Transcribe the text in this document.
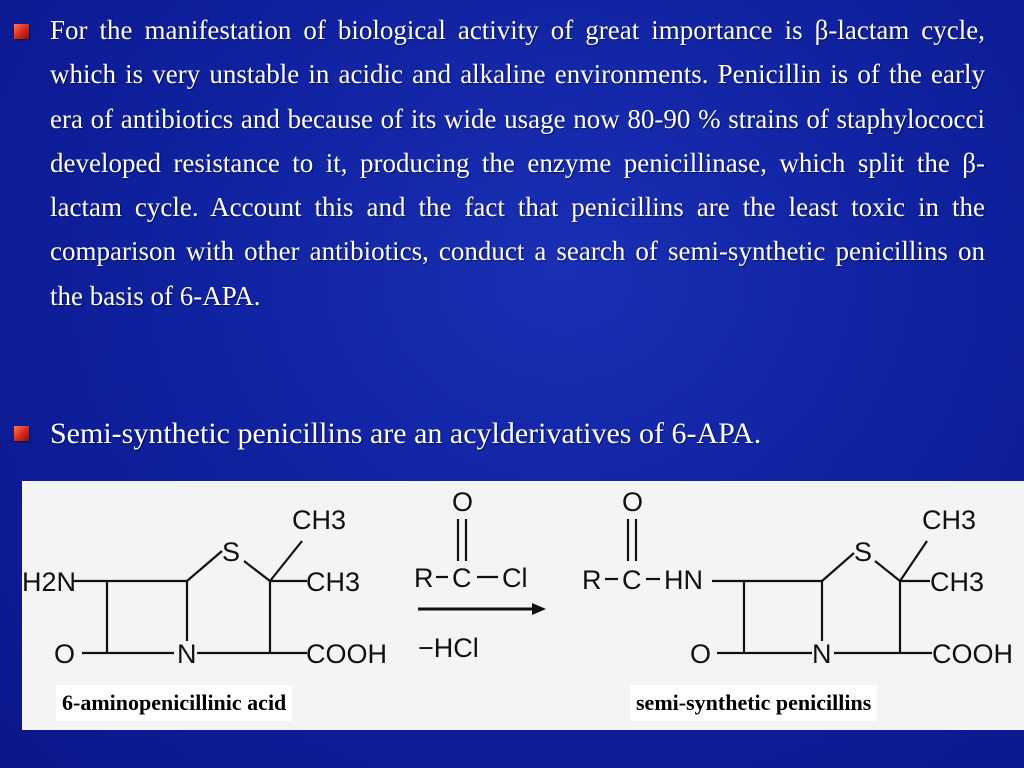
For the manifestation of biological activity of great importance is β-lactam cycle, which is very unstable in acidic and alkaline environments. Penicillin is of the early era of antibiotics and because of its wide usage now 80-90 % strains of staphylococci developed resistance to it, producing the enzyme penicillinase, which split the β-lactam cycle. Account this and the fact that penicillins are the least toxic in the comparison with other antibiotics, conduct a search of semi-synthetic penicillins on the basis of 6-APA.

Semi-synthetic penicillins are an acylderivatives of 6-APA.

S
CH3
CH3
H2N
O	N	COOH
O
R C Cl
−HCl
O
R C HN
S
CH3
CH3
O	N	COOH
6-aminopenicillinic acid	semi-synthetic penicillins
